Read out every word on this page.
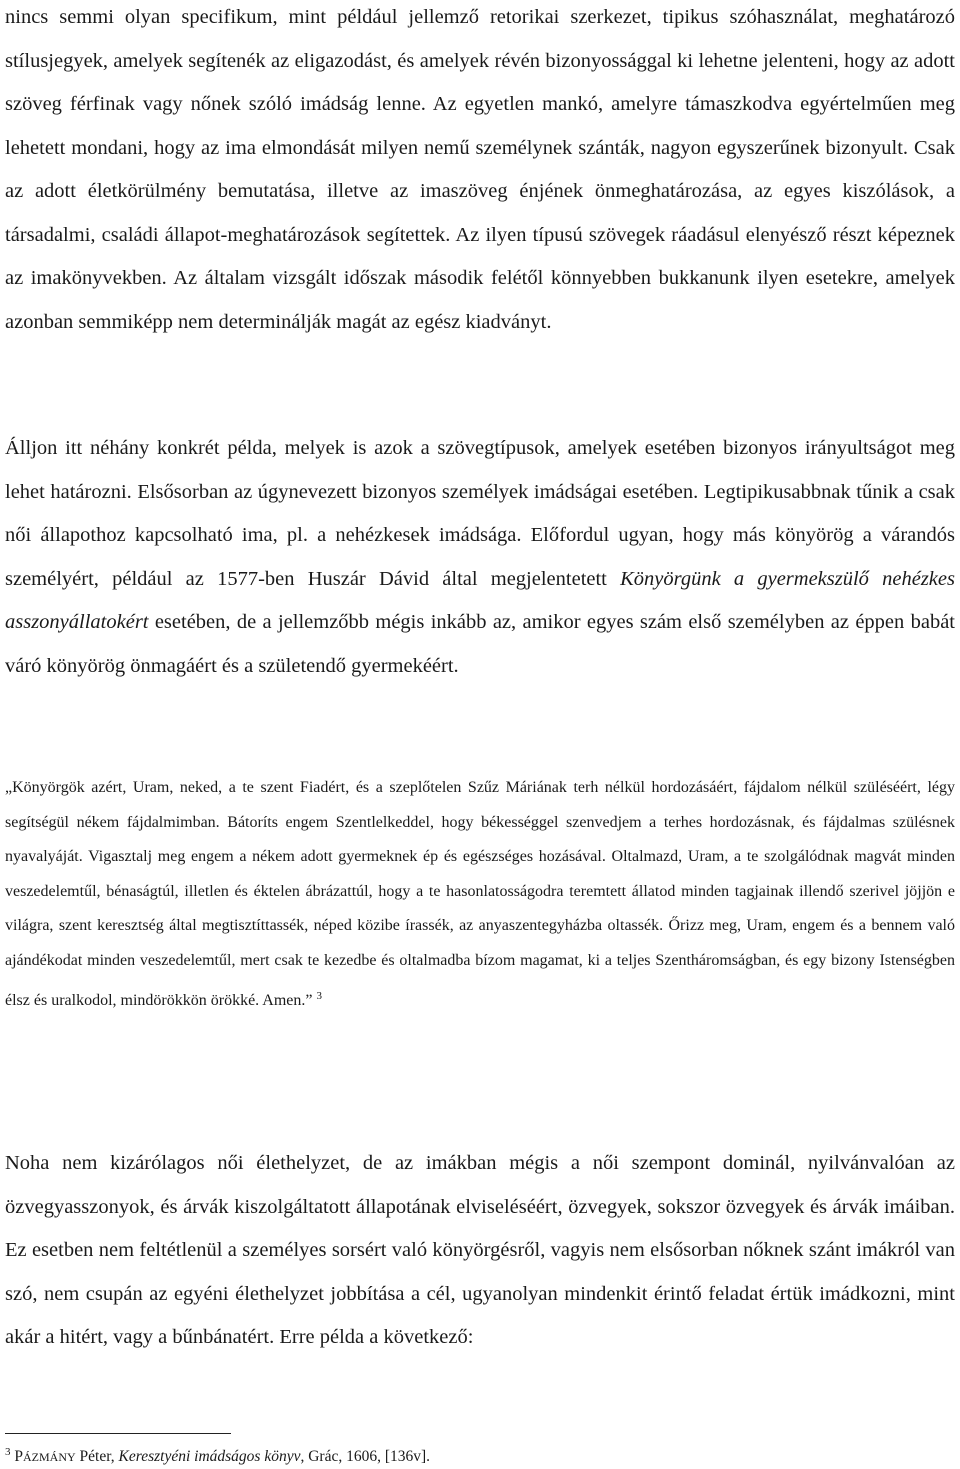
nincs semmi olyan specifikum, mint például jellemző retorikai szerkezet, tipikus szóhasználat, meghatározó stílusjegyek, amelyek segítenék az eligazodást, és amelyek révén bizonyossággal ki lehetne jelenteni, hogy az adott szöveg férfinak vagy nőnek szóló imádság lenne. Az egyetlen mankó, amelyre támaszkodva egyértelműen meg lehetett mondani, hogy az ima elmondását milyen nemű személynek szánták, nagyon egyszerűnek bizonyult. Csak az adott életkörülmény bemutatása, illetve az imaszöveg énjének önmeghatározása, az egyes kiszólások, a társadalmi, családi állapot-meghatározások segítettek. Az ilyen típusú szövegek ráadásul elenyésző részt képeznek az imakönyvekben. Az általam vizsgált időszak második felétől könnyebben bukkanunk ilyen esetekre, amelyek azonban semmiképp nem determinálják magát az egész kiadványt.

Álljon itt néhány konkrét példa, melyek is azok a szövegtípusok, amelyek esetében bizonyos irányultságot meg lehet határozni. Elsősorban az úgynevezett bizonyos személyek imádságai esetében. Legtipikusabbnak tűnik a csak női állapothoz kapcsolható ima, pl. a nehézkesek imádsága. Előfordul ugyan, hogy más könyörög a várandós személyért, például az 1577-ben Huszár Dávid által megjelentetett Könyörgünk a gyermekszülő nehézkes asszonyállatokért esetében, de a jellemzőbb mégis inkább az, amikor egyes szám első személyben az éppen babát váró könyörög önmagáért és a születendő gyermekéért.

„Könyörgök azért, Uram, neked, a te szent Fiadért, és a szeplőtelen Szűz Máriának terh nélkül hordozásáért, fájdalom nélkül szüléséért, légy segítségül nékem fájdalmimban. Bátoríts engem Szentlelkeddel, hogy békességgel szenvedjem a terhes hordozásnak, és fájdalmas szülésnek nyavalyáját. Vigasztalj meg engem a nékem adott gyermeknek ép és egészséges hozásával. Oltalmazd, Uram, a te szolgálódnak magvát minden veszedelemtűl, bénaságtúl, illetlen és éktelen ábrázattúl, hogy a te hasonlatosságodra teremtett állatod minden tagjainak illendő szerivel jöjjön e világra, szent keresztség által megtisztíttassék, néped közibe írassék, az anyaszentegyházba oltassék. Őrizz meg, Uram, engem és a bennem való ajándékodat minden veszedelemtűl, mert csak te kezedbe és oltalmadba bízom magamat, ki a teljes Szentháromságban, és egy bizony Istenségben élsz és uralkodol, mindörökkön örökké. Amen.” $^3$

Noha nem kizárólagos női élethelyzet, de az imákban mégis a női szempont dominál, nyilvánvalóan az özvegyasszonyok, és árvák kiszolgáltatott állapotának elviseléséért, özvegyek, sokszor özvegyek és árvák imáiban. Ez esetben nem feltétlenül a személyes sorsért való könyörgésről, vagyis nem elsősorban nőknek szánt imákról van szó, nem csupán az egyéni élethelyzet jobbítása a cél, ugyanolyan mindenkit érintő feladat értük imádkozni, mint akár a hitért, vagy a bűnbánatért. Erre példa a következő:

$^3$ PÁZMÁNY Péter, Keresztyéni imádságos könyv, Grác, 1606, [136v].
